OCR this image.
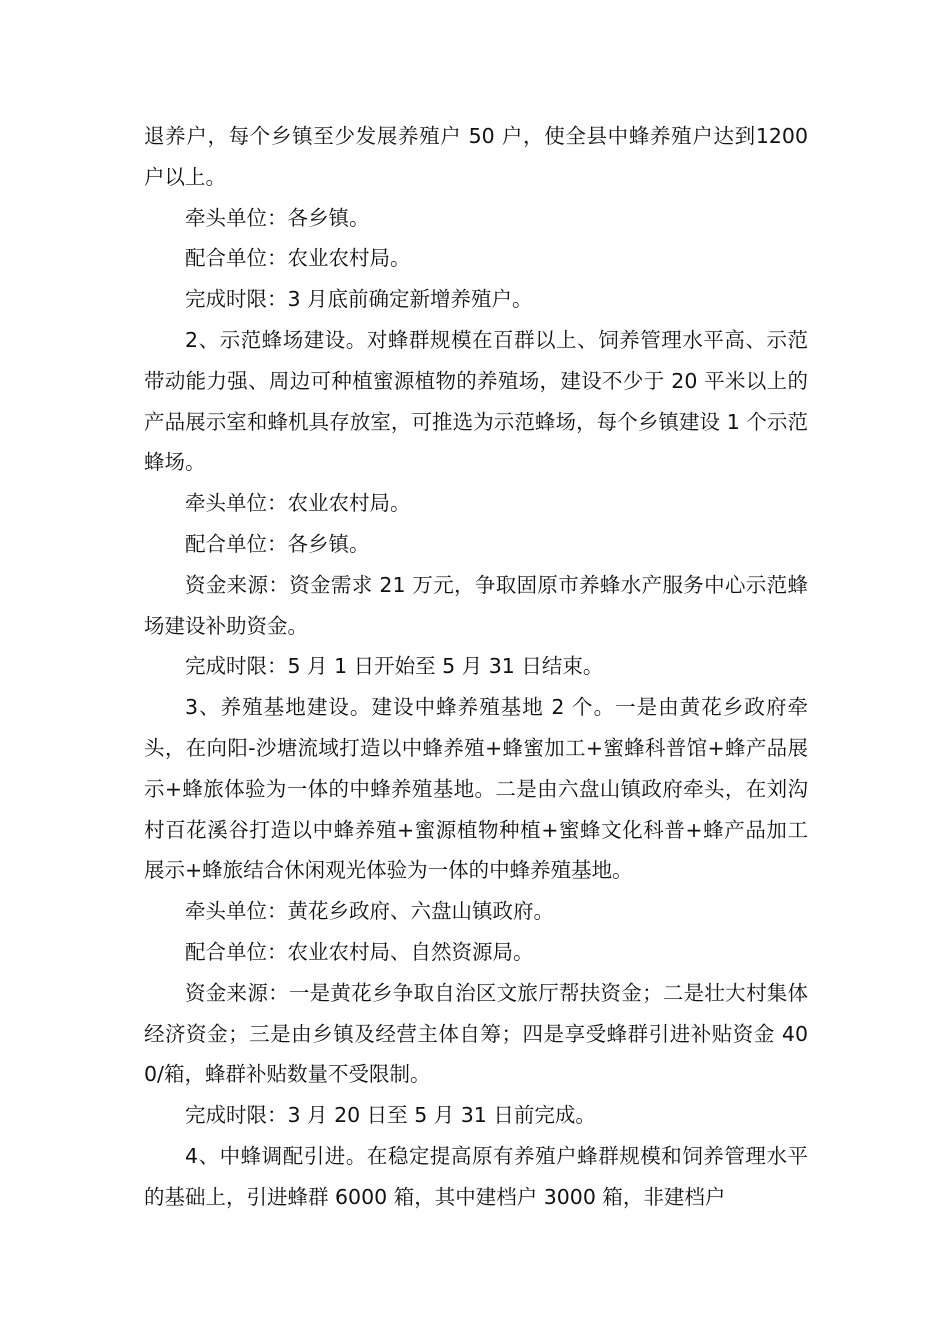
退养户，每个乡镇至少发展养殖户 50 户，使全县中蜂养殖户达到1200 户以上。

牵头单位：各乡镇。

配合单位：农业农村局。

完成时限：3 月底前确定新增养殖户。

2、示范蜂场建设。对蜂群规模在百群以上、饲养管理水平高、示范带动能力强、周边可种植蜜源植物的养殖场，建设不少于 20 平米以上的产品展示室和蜂机具存放室，可推选为示范蜂场，每个乡镇建设 1 个示范蜂场。

牵头单位：农业农村局。

配合单位：各乡镇。

资金来源：资金需求 21 万元，争取固原市养蜂水产服务中心示范蜂场建设补助资金。

完成时限：5 月 1 日开始至 5 月 31 日结束。

3、养殖基地建设。建设中蜂养殖基地 2 个。一是由黄花乡政府牵头，在向阳-沙塘流域打造以中蜂养殖+蜂蜜加工+蜜蜂科普馆+蜂产品展示+蜂旅体验为一体的中蜂养殖基地。二是由六盘山镇政府牵头，在刘沟村百花溪谷打造以中蜂养殖+蜜源植物种植+蜜蜂文化科普+蜂产品加工展示+蜂旅结合休闲观光体验为一体的中蜂养殖基地。

牵头单位：黄花乡政府、六盘山镇政府。

配合单位：农业农村局、自然资源局。

资金来源：一是黄花乡争取自治区文旅厅帮扶资金；二是壮大村集体经济资金；三是由乡镇及经营主体自筹；四是享受蜂群引进补贴资金 400/箱，蜂群补贴数量不受限制。

完成时限：3 月 20 日至 5 月 31 日前完成。

4、中蜂调配引进。在稳定提高原有养殖户蜂群规模和饲养管理水平的基础上，引进蜂群 6000 箱，其中建档户 3000 箱，非建档户
